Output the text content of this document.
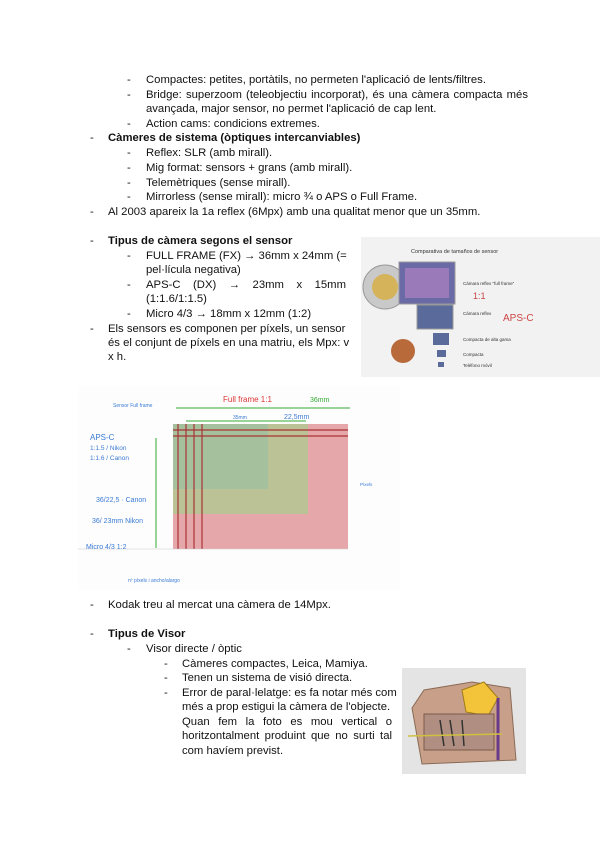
- Compactes: petites, portàtils, no permeten l'aplicació de lents/filtres.
- Bridge: superzoom (teleobjectiu incorporat), és una càmera compacta més
avançada, major sensor, no permet l'aplicació de cap lent.
- Action cams: condicions extremes.
- Càmeres de sistema (òptiques intercanviables)
- Reflex: SLR (amb mirall).
- Mig format: sensors + grans (amb mirall).
- Telemètriques (sense mirall).
- Mirrorless (sense mirall): micro ¾ o APS o Full Frame.
- Al 2003 apareix la 1a reflex (6Mpx) amb una qualitat menor que un 35mm.
- Tipus de càmera segons el sensor
- FULL FRAME (FX) → 36mm x 24mm (=
pel·lícula negativa)
- APS-C (DX) → 23mm x 15mm
(1:1.6/1:1.5)
- Micro 4/3 → 18mm x 12mm (1:2)
- Els sensors es componen per píxels, un sensor
és el conjunt de píxels en una matriu, els Mpx: v
x h.
Comparativa de tamaños de sensor
Cámara reflex "full frame"
1:1
Cámara reflex APS-C
Compacta de alta gama
Compacta
Teléfono móvil
Sensor Full frame
Full frame 1:1	36mm
35mm	22,5mm
APS-C
1:1.5 / Nikon
1:1.6 / Canon
36/22,5 · Canon
36/ 23mm Nikon
Micro 4/3 1:2
Píxels
nº píxels i ancho/alargo
- Kodak treu al mercat una càmera de 14Mpx.
- Tipus de Visor
- Visor directe / òptic
- Càmeres compactes, Leica, Mamiya.
- Tenen un sistema de visió directa.
- Error de paral·lelatge: es fa notar més com
més a prop estigui la càmera de l'objecte.
Quan fem la foto es mou vertical o
horitzontalment produint que no surti tal
com havíem previst.
